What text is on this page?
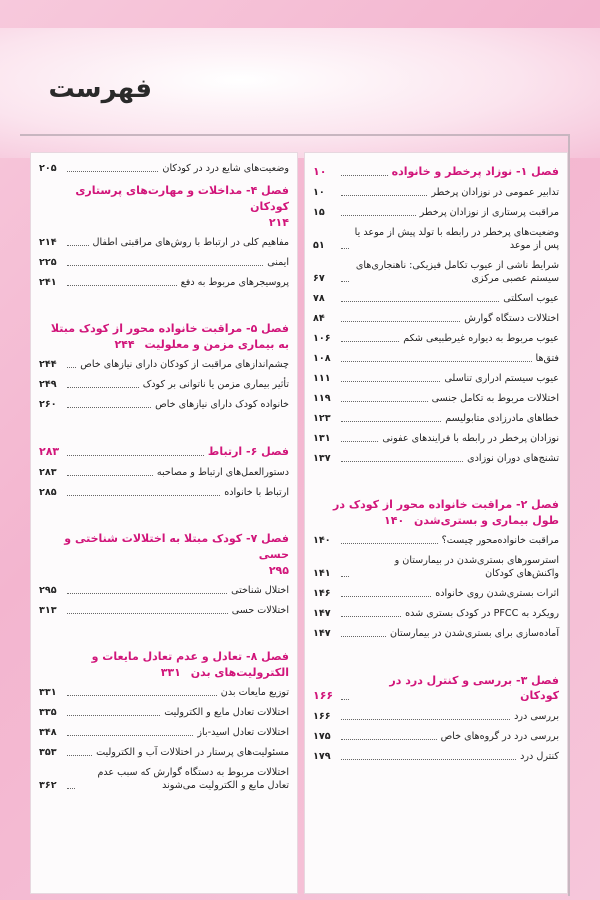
فهرست
فصل ۱- نوزاد پرخطر و خانواده
۱۰
تدابیر عمومی در نوزادان پرخطر
۱۰
مراقبت پرستاری از نوزادان پرخطر
۱۵
وضعیت‌های پرخطر در رابطه با تولد پیش از موعد یا پس از موعد
۵۱
شرایط ناشی از عیوب تکامل فیزیکی: ناهنجاری‌های سیستم عصبی مرکزی
۶۷
عیوب اسکلتی
۷۸
اختلالات دستگاه گوارش
۸۴
عیوب مربوط به دیواره غیرطبیعی شکم
۱۰۶
فتق‌ها
۱۰۸
عیوب سیستم ادراری تناسلی
۱۱۱
اختلالات مربوط به تکامل جنسی
۱۱۹
خطاهای مادرزادی متابولیسم
۱۲۳
نوزادان پرخطر در رابطه با فرایندهای عفونی
۱۳۱
تشنج‌های دوران نوزادی
۱۳۷
فصل ۲- مراقبت خانواده محور از کودک در طول بیماری و بستری‌شدن ۱۴۰
مراقبت خانواده‌محور چیست؟
۱۴۰
استرسورهای بستری‌شدن در بیمارستان و واکنش‌های کودکان
۱۴۱
اثرات بستری‌شدن روی خانواده
۱۴۶
رویکرد به PFCC در کودک بستری شده
۱۴۷
آماده‌سازی برای بستری‌شدن در بیمارستان
۱۴۷
فصل ۳- بررسی و کنترل درد در کودکان
۱۶۶
بررسی درد
۱۶۶
بررسی درد در گروه‌های خاص
۱۷۵
کنترل درد
۱۷۹
وضعیت‌های شایع درد در کودکان
۲۰۵
فصل ۴- مداخلات و مهارت‌های پرستاری کودکان
۲۱۴
مفاهیم کلی در ارتباط با روش‌های مراقبتی اطفال
۲۱۴
ایمنی
۲۲۵
پروسیجرهای مربوط به دفع
۲۴۱
فصل ۵- مراقبت خانواده محور از کودک مبتلا به بیماری مزمن و معلولیت ۲۴۴
چشم‌اندازهای مراقبت از کودکان دارای نیازهای خاص
۲۴۴
تأثیر بیماری مزمن یا ناتوانی بر کودک
۲۴۹
خانواده کودک دارای نیازهای خاص
۲۶۰
فصل ۶- ارتباط
۲۸۳
دستورالعمل‌های ارتباط و مصاحبه
۲۸۳
ارتباط با خانواده
۲۸۵
فصل ۷- کودک مبتلا به اختلالات شناختی و حسی
۲۹۵
اختلال شناختی
۲۹۵
اختلالات حسی
۳۱۳
فصل ۸- تعادل و عدم تعادل مایعات و الکترولیت‌های بدن ۳۳۱
توزیع مایعات بدن
۳۳۱
اختلالات تعادل مایع و الکترولیت
۳۳۵
اختلالات تعادل اسید-باز
۳۴۸
مسئولیت‌های پرستار در اختلالات آب و الکترولیت
۳۵۳
اختلالات مربوط به دستگاه گوارش که سبب عدم تعادل مایع و الکترولیت می‌شوند
۳۶۲
